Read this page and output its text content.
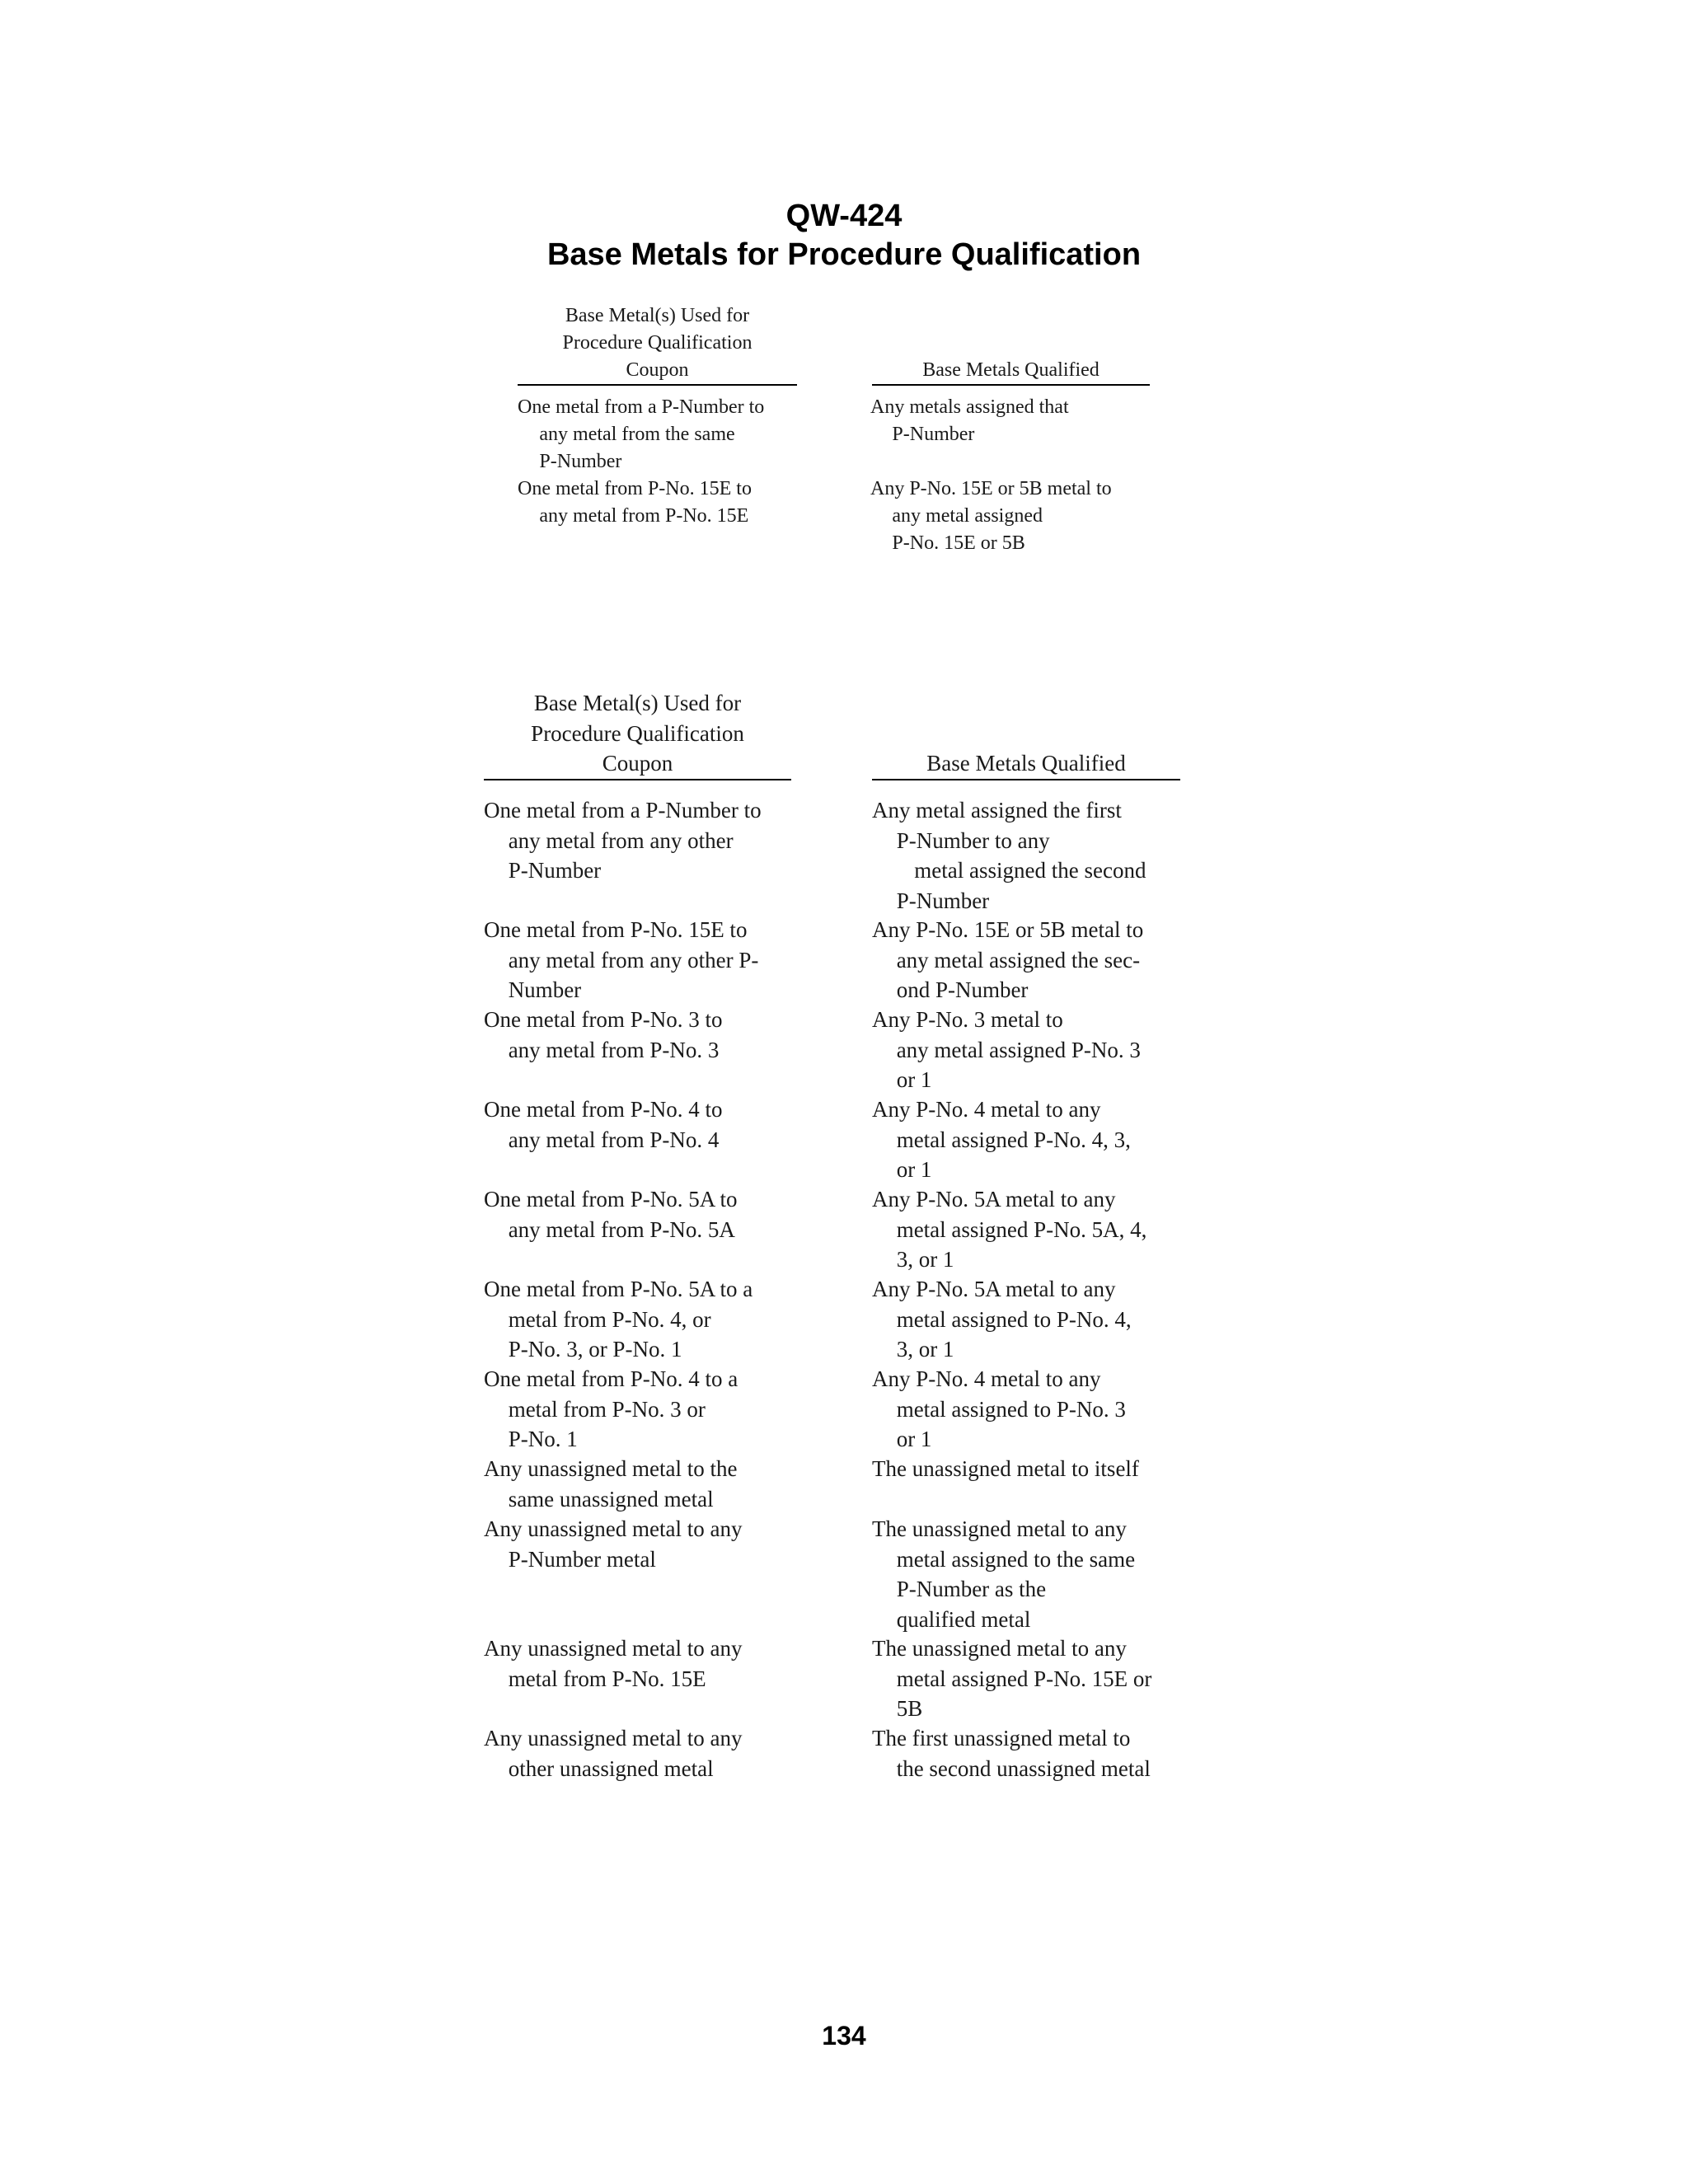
QW-424
Base Metals for Procedure Qualification
Base Metal(s) Used for
Procedure Qualification
Coupon	Base Metals Qualified
One metal from a P-Number to
any metal from the same
P-Number
Any metals assigned that
P-Number
One metal from P-No. 15E to
any metal from P-No. 15E
Any P-No. 15E or 5B metal to
any metal assigned
P-No. 15E or 5B
Base Metal(s) Used for
Procedure Qualification
Coupon	Base Metals Qualified
One metal from a P-Number to
any metal from any other
P-Number
Any metal assigned the first
P-Number to any
metal assigned the second
P-Number
One metal from P-No. 15E to
any metal from any other P-
Number
Any P-No. 15E or 5B metal to
any metal assigned the sec-
ond P-Number
One metal from P-No. 3 to
any metal from P-No. 3
Any P-No. 3 metal to
any metal assigned P-No. 3
or 1
One metal from P-No. 4 to
any metal from P-No. 4
Any P-No. 4 metal to any
metal assigned P-No. 4, 3,
or 1
One metal from P-No. 5A to
any metal from P-No. 5A
Any P-No. 5A metal to any
metal assigned P-No. 5A, 4,
3, or 1
One metal from P-No. 5A to a
metal from P-No. 4, or
P-No. 3, or P-No. 1
Any P-No. 5A metal to any
metal assigned to P-No. 4,
3, or 1
One metal from P-No. 4 to a
metal from P-No. 3 or
P-No. 1
Any P-No. 4 metal to any
metal assigned to P-No. 3
or 1
Any unassigned metal to the
same unassigned metal
The unassigned metal to itself
Any unassigned metal to any
P-Number metal
The unassigned metal to any
metal assigned to the same
P-Number as the
qualified metal
Any unassigned metal to any
metal from P-No. 15E
The unassigned metal to any
metal assigned P-No. 15E or
5B
Any unassigned metal to any
other unassigned metal
The first unassigned metal to
the second unassigned metal
134
